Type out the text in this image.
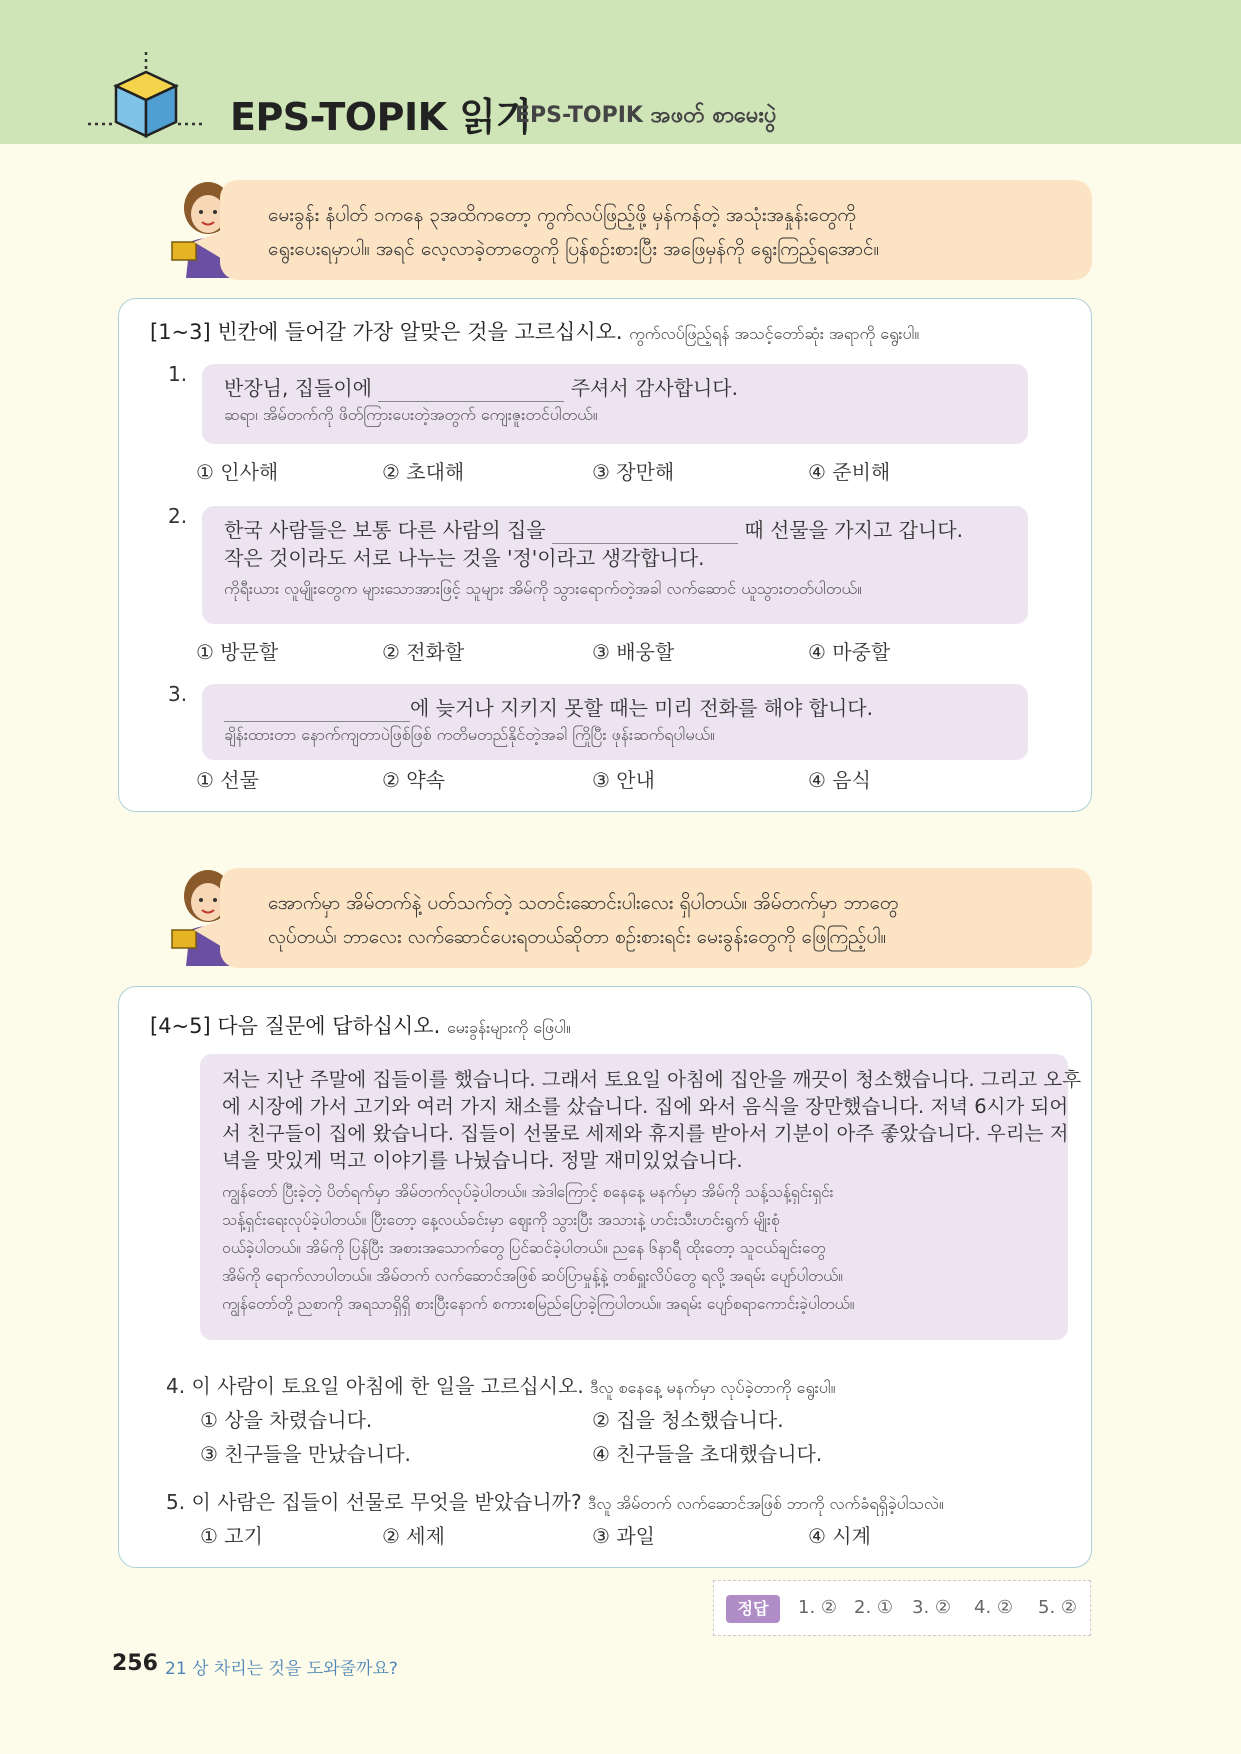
EPS-TOPIK 읽기
EPS-TOPIK အဖတ် စာမေးပွဲ
မေးခွန်း နံပါတ် ၁ကနေ ၃အထိကတော့ ကွက်လပ်ဖြည့်ဖို့ မှန်ကန်တဲ့ အသုံးအနှုန်းတွေကို
ရွေးပေးရမှာပါ။ အရင် လေ့လာခဲ့တာတွေကို ပြန်စဉ်းစားပြီး အဖြေမှန်ကို ရွေးကြည့်ရအောင်။
[1~3] 빈칸에 들어갈 가장 알맞은 것을 고르십시오. ကွက်လပ်ဖြည့်ရန် အသင့်တော်ဆုံး အရာကို ရွေးပါ။
1.
반장님, 집들이에	주셔서 감사합니다.
ဆရာ၊ အိမ်တက်ကို ဖိတ်ကြားပေးတဲ့အတွက် ကျေးဇူးတင်ပါတယ်။
① 인사해	② 초대해	③ 장만해	④ 준비해
2.
한국 사람들은 보통 다른 사람의 집을	때 선물을 가지고 갑니다.
작은 것이라도 서로 나누는 것을 '정'이라고 생각합니다.
ကိုရီးယား လူမျိုးတွေက များသောအားဖြင့် သူများ အိမ်ကို သွားရောက်တဲ့အခါ လက်ဆောင် ယူသွားတတ်ပါတယ်။
① 방문할	② 전화할	③ 배웅할	④ 마중할
3.
에 늦거나 지키지 못할 때는 미리 전화를 해야 합니다.
ချိန်းထားတာ နောက်ကျတာပဲဖြစ်ဖြစ် ကတိမတည်နိုင်တဲ့အခါ ကြိုပြီး ဖုန်းဆက်ရပါမယ်။
① 선물	② 약속	③ 안내	④ 음식
အောက်မှာ အိမ်တက်နဲ့ ပတ်သက်တဲ့ သတင်းဆောင်းပါးလေး ရှိပါတယ်။ အိမ်တက်မှာ ဘာတွေ
လုပ်တယ်၊ ဘာလေး လက်ဆောင်ပေးရတယ်ဆိုတာ စဉ်းစားရင်း မေးခွန်းတွေကို ဖြေကြည့်ပါ။
[4~5] 다음 질문에 답하십시오. မေးခွန်းများကို ဖြေပါ။
저는 지난 주말에 집들이를 했습니다. 그래서 토요일 아침에 집안을 깨끗이 청소했습니다. 그리고 오후
에 시장에 가서 고기와 여러 가지 채소를 샀습니다. 집에 와서 음식을 장만했습니다. 저녁 6시가 되어
서 친구들이 집에 왔습니다. 집들이 선물로 세제와 휴지를 받아서 기분이 아주 좋았습니다. 우리는 저
녁을 맛있게 먹고 이야기를 나눴습니다. 정말 재미있었습니다.
ကျွန်တော် ပြီးခဲ့တဲ့ ပိတ်ရက်မှာ အိမ်တက်လုပ်ခဲ့ပါတယ်။ အဲဒါကြောင့် စနေနေ့ မနက်မှာ အိမ်ကို သန့်သန့်ရှင်းရှင်း
သန့်ရှင်းရေးလုပ်ခဲ့ပါတယ်။ ပြီးတော့ နေ့လယ်ခင်းမှာ ဈေးကို သွားပြီး အသားနဲ့ ဟင်းသီးဟင်းရွက် မျိုးစုံ
ဝယ်ခဲ့ပါတယ်။ အိမ်ကို ပြန်ပြီး အစားအသောက်တွေ ပြင်ဆင်ခဲ့ပါတယ်။ ညနေ ၆နာရီ ထိုးတော့ သူငယ်ချင်းတွေ
အိမ်ကို ရောက်လာပါတယ်။ အိမ်တက် လက်ဆောင်အဖြစ် ဆပ်ပြာမှုန့်နဲ့ တစ်ရှူးလိပ်တွေ ရလို့ အရမ်း ပျော်ပါတယ်။
ကျွန်တော်တို့ ညစာကို အရသာရှိရှိ စားပြီးနောက် စကားစမြည်ပြောခဲ့ကြပါတယ်။ အရမ်း ပျော်စရာကောင်းခဲ့ပါတယ်။
4. 이 사람이 토요일 아침에 한 일을 고르십시오. ဒီလူ စနေနေ့ မနက်မှာ လုပ်ခဲ့တာကို ရွေးပါ။
① 상을 차렸습니다.	② 집을 청소했습니다.
③ 친구들을 만났습니다.	④ 친구들을 초대했습니다.
5. 이 사람은 집들이 선물로 무엇을 받았습니까? ဒီလူ အိမ်တက် လက်ဆောင်အဖြစ် ဘာကို လက်ခံရရှိခဲ့ပါသလဲ။
① 고기	② 세제	③ 과일	④ 시계
정답	1. ② 2. ① 3. ② 4. ② 5. ②
256 21 상 차리는 것을 도와줄까요?
